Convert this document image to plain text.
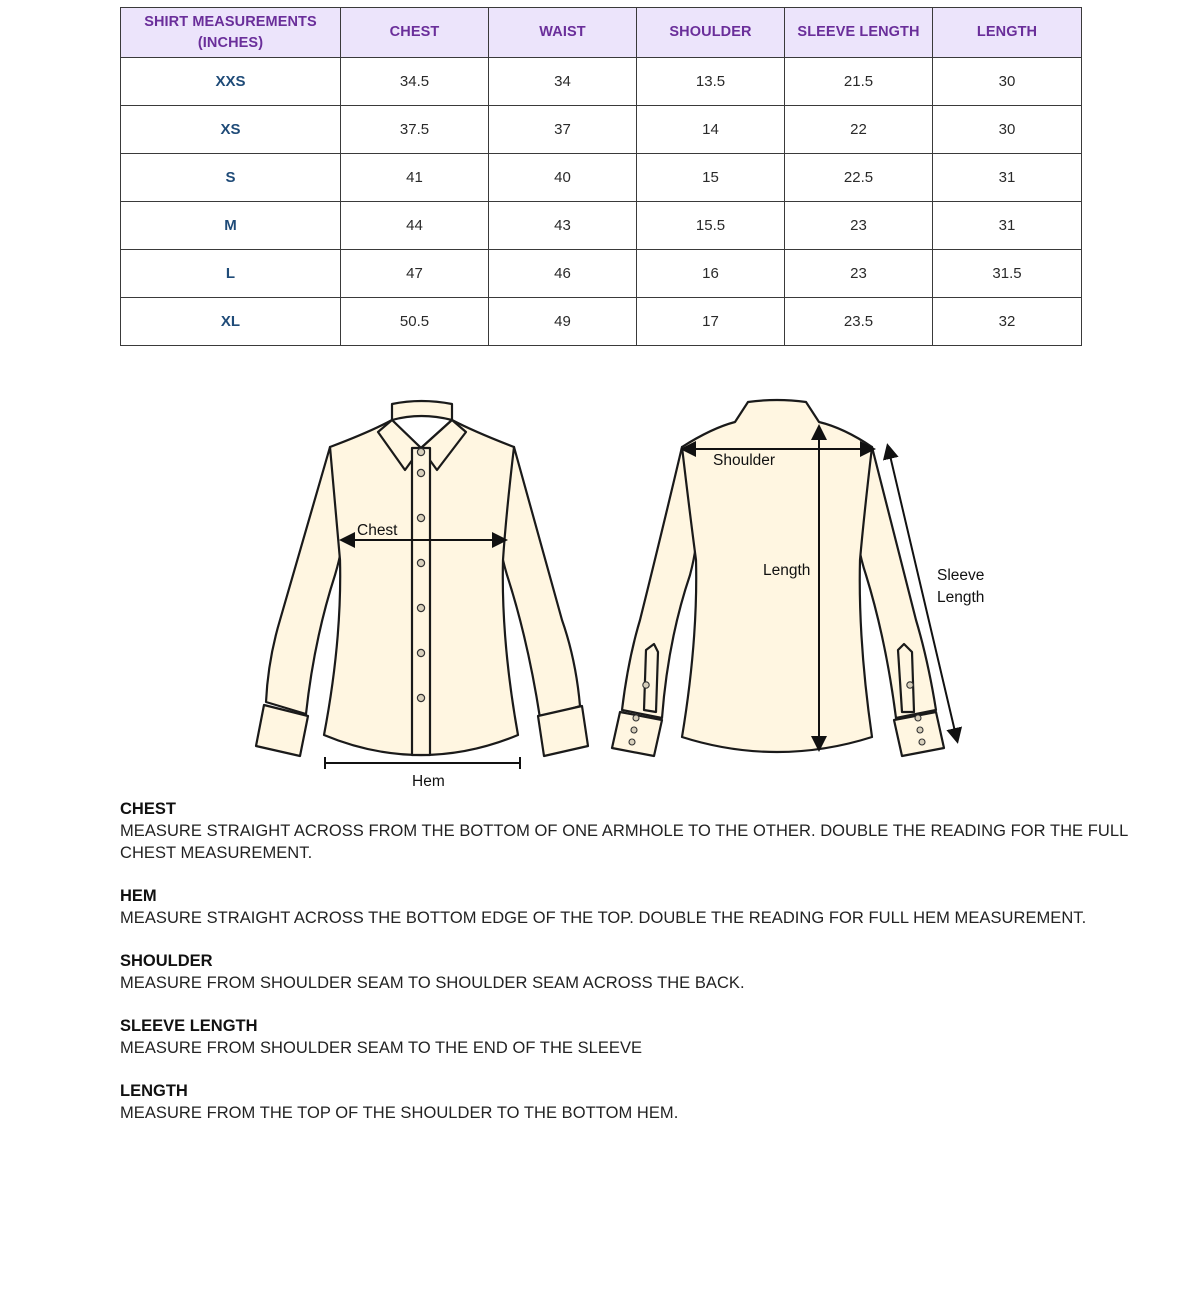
SHIRT MEASUREMENTS (INCHES)	CHEST	WAIST	SHOULDER	SLEEVE LENGTH	LENGTH
XXS	34.5	34	13.5	21.5	30
XS	37.5	37	14	22	30
S	41	40	15	22.5	31
M	44	43	15.5	23	31
L	47	46	16	23	31.5
XL	50.5	49	17	23.5	32
Chest
Hem
Shoulder
Length	Sleeve
Length
CHEST
MEASURE STRAIGHT ACROSS FROM THE BOTTOM OF ONE ARMHOLE TO THE OTHER. DOUBLE THE READING FOR THE FULL CHEST MEASUREMENT.
HEM
MEASURE STRAIGHT ACROSS THE BOTTOM EDGE OF THE TOP. DOUBLE THE READING FOR FULL HEM MEASUREMENT.
SHOULDER
MEASURE FROM SHOULDER SEAM TO SHOULDER SEAM ACROSS THE BACK.
SLEEVE LENGTH
MEASURE FROM SHOULDER SEAM TO THE END OF THE SLEEVE
LENGTH
MEASURE FROM THE TOP OF THE SHOULDER TO THE BOTTOM HEM.
